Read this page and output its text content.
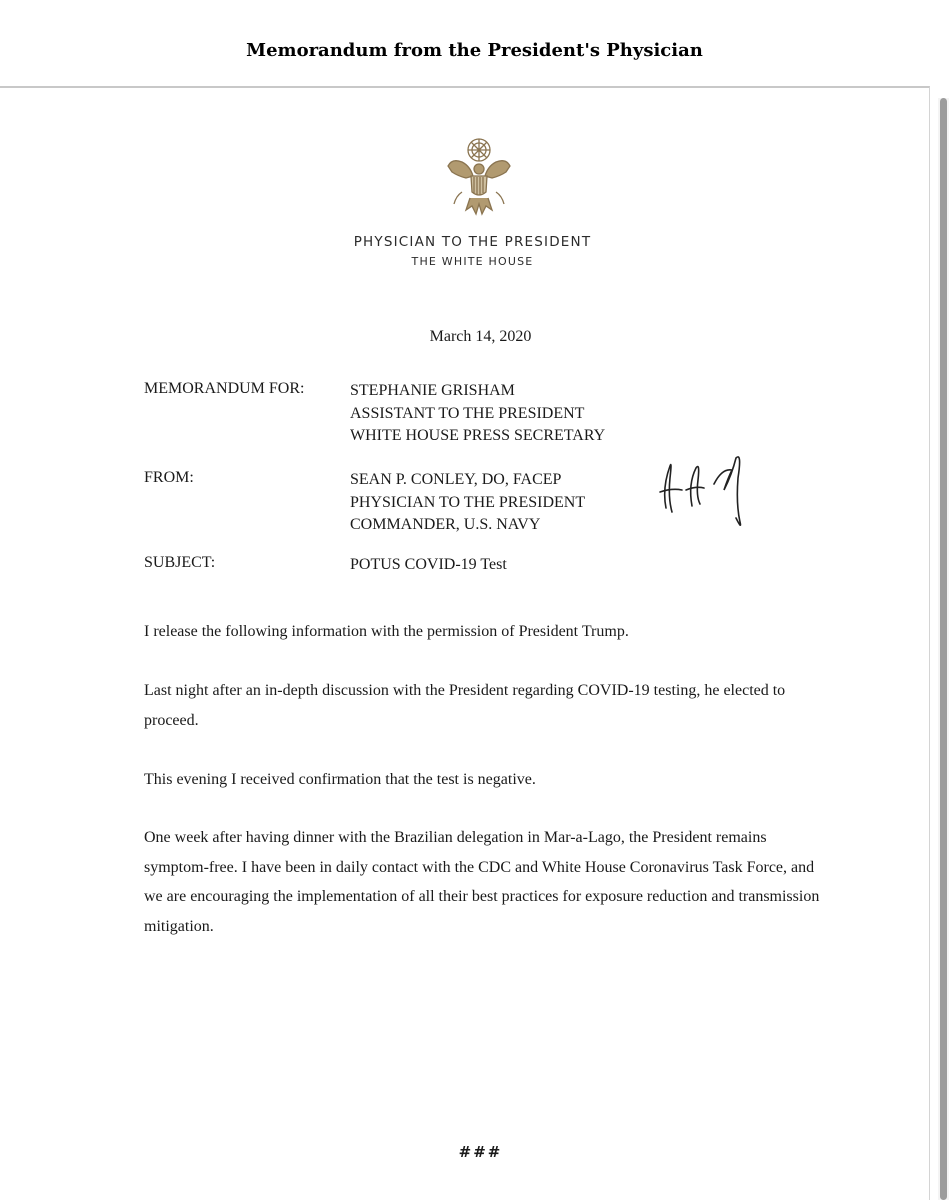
Memorandum from the President's Physician
PHYSICIAN TO THE PRESIDENT
THE WHITE HOUSE
March 14, 2020
MEMORANDUM FOR:	STEPHANIE GRISHAM
ASSISTANT TO THE PRESIDENT
WHITE HOUSE PRESS SECRETARY
FROM:	SEAN P. CONLEY, DO, FACEP
PHYSICIAN TO THE PRESIDENT
COMMANDER, U.S. NAVY
SUBJECT:	POTUS COVID-19 Test

I release the following information with the permission of President Trump.

Last night after an in-depth discussion with the President regarding COVID-19 testing, he elected to proceed.

This evening I received confirmation that the test is negative.

One week after having dinner with the Brazilian delegation in Mar-a-Lago, the President remains symptom-free. I have been in daily contact with the CDC and White House Coronavirus Task Force, and we are encouraging the implementation of all their best practices for exposure reduction and transmission mitigation.

###
